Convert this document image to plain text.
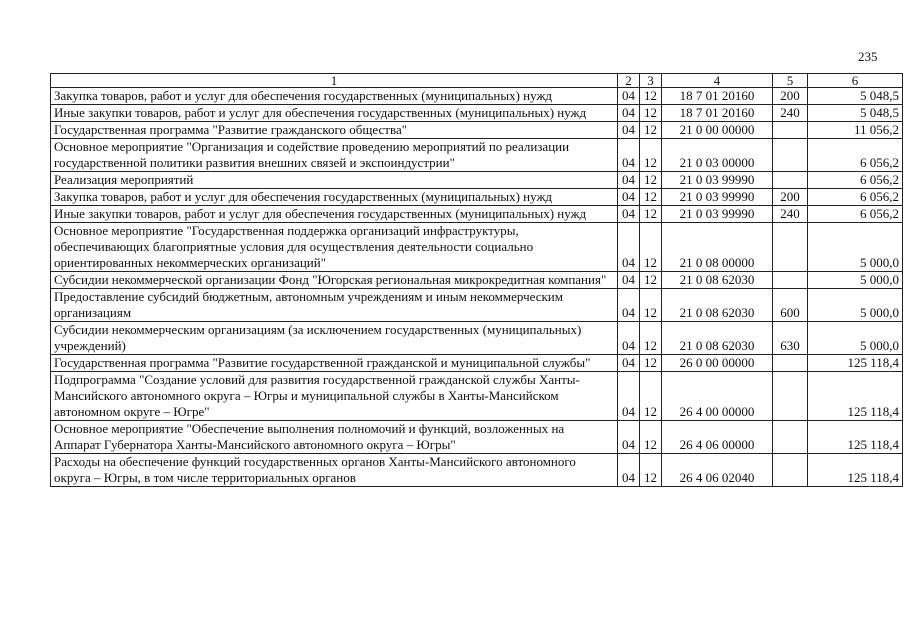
235
1	2	3	4	5	6
Закупка товаров, работ и услуг для обеспечения государственных (муниципальных) нужд	04	12	18 7 01 20160	200	5 048,5
Иные закупки товаров, работ и услуг для обеспечения государственных (муниципальных) нужд	04	12	18 7 01 20160	240	5 048,5
Государственная программа "Развитие гражданского общества"	04	12	21 0 00 00000		11 056,2
Основное мероприятие "Организация и содействие проведению мероприятий по реализации государственной политики развития внешних связей и экспоиндустрии"	04	12	21 0 03 00000		6 056,2
Реализация мероприятий	04	12	21 0 03 99990		6 056,2
Закупка товаров, работ и услуг для обеспечения государственных (муниципальных) нужд	04	12	21 0 03 99990	200	6 056,2
Иные закупки товаров, работ и услуг для обеспечения государственных (муниципальных) нужд	04	12	21 0 03 99990	240	6 056,2
Основное мероприятие "Государственная поддержка организаций инфраструктуры, обеспечивающих благоприятные условия для осуществления деятельности социально ориентированных некоммерческих организаций"	04	12	21 0 08 00000		5 000,0
Субсидии некоммерческой организации Фонд "Югорская региональная микрокредитная компания"	04	12	21 0 08 62030		5 000,0
Предоставление субсидий бюджетным, автономным учреждениям и иным некоммерческим организациям	04	12	21 0 08 62030	600	5 000,0
Субсидии некоммерческим организациям (за исключением государственных (муниципальных) учреждений)	04	12	21 0 08 62030	630	5 000,0
Государственная программа "Развитие государственной гражданской и муниципальной службы"	04	12	26 0 00 00000		125 118,4
Подпрограмма "Создание условий для развития государственной гражданской службы Ханты-Мансийского автономного округа – Югры и муниципальной службы в Ханты-Мансийском автономном округе – Югре"	04	12	26 4 00 00000		125 118,4
Основное мероприятие "Обеспечение выполнения полномочий и функций, возложенных на Аппарат Губернатора Ханты-Мансийского автономного округа – Югры"	04	12	26 4 06 00000		125 118,4
Расходы на обеспечение функций государственных органов Ханты-Мансийского автономного округа – Югры, в том числе территориальных органов	04	12	26 4 06 02040		125 118,4
